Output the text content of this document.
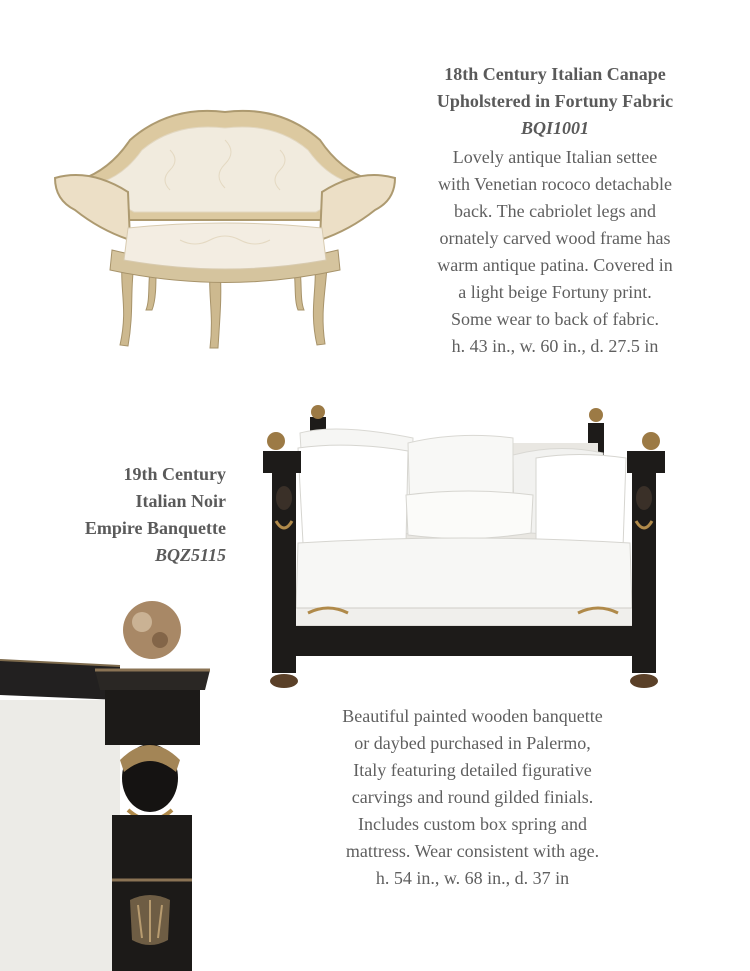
18th Century Italian Canape
Upholstered in Fortuny Fabric
BQI1001
Lovely antique Italian settee
with Venetian rococo detachable
back. The cabriolet legs and
ornately carved wood frame has
warm antique patina. Covered in
a light beige Fortuny print.
Some wear to back of fabric.
h. 43 in., w. 60 in., d. 27.5 in
19th Century
Italian Noir
Empire Banquette
BQZ5115
Beautiful painted wooden banquette
or daybed purchased in Palermo,
Italy featuring detailed figurative
carvings and round gilded finials.
Includes custom box spring and
mattress. Wear consistent with age.
h. 54 in., w. 68 in., d. 37 in
